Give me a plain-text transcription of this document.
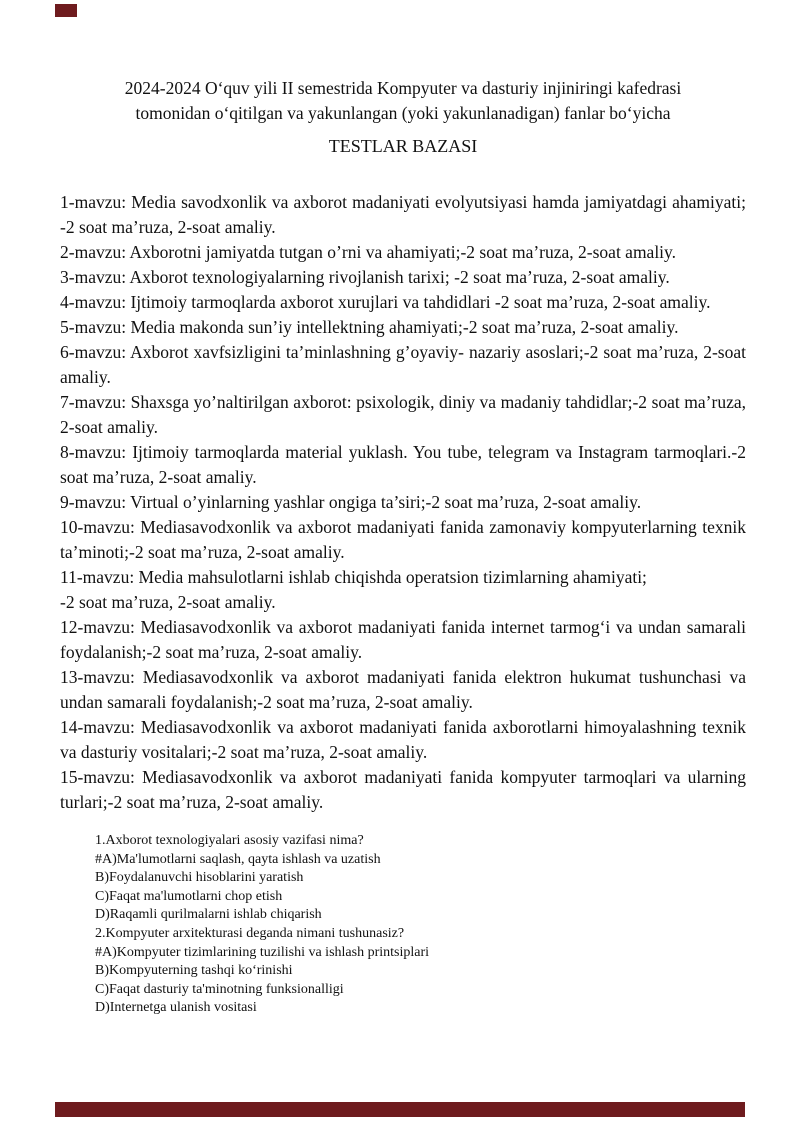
2024-2024 O‘quv yili II semestrida Kompyuter va dasturiy injiniringi kafedrasi
tomonidan o‘qitilgan va yakunlangan (yoki yakunlanadigan) fanlar bo‘yicha
TESTLAR BAZASI

1-mavzu: Media savodxonlik va axborot madaniyati evolyutsiyasi hamda jamiyatdagi ahamiyati; -2 soat ma’ruza, 2-soat amaliy.

2-mavzu: Axborotni jamiyatda tutgan o’rni va ahamiyati;-2 soat ma’ruza, 2-soat amaliy.

3-mavzu: Axborot texnologiyalarning rivojlanish tarixi; -2 soat ma’ruza, 2-soat amaliy.

4-mavzu: Ijtimoiy tarmoqlarda axborot xurujlari va tahdidlari -2 soat ma’ruza, 2-soat amaliy.

5-mavzu: Media makonda sun’iy intellektning ahamiyati;-2 soat ma’ruza, 2-soat amaliy.

6-mavzu: Axborot xavfsizligini ta’minlashning g’oyaviy- nazariy asoslari;-2 soat ma’ruza, 2-soat amaliy.

7-mavzu: Shaxsga yo’naltirilgan axborot: psixologik, diniy va madaniy tahdidlar;-2 soat ma’ruza, 2-soat amaliy.

8-mavzu: Ijtimoiy tarmoqlarda material yuklash. You tube, telegram va Instagram tarmoqlari.-2 soat ma’ruza, 2-soat amaliy.

9-mavzu: Virtual o’yinlarning yashlar ongiga ta’siri;-2 soat ma’ruza, 2-soat amaliy.

10-mavzu: Mediasavodxonlik va axborot madaniyati fanida zamonaviy kompyuterlarning texnik ta’minoti;-2 soat ma’ruza, 2-soat amaliy.

11-mavzu: Media mahsulotlarni ishlab chiqishda operatsion tizimlarning ahamiyati;

-2 soat ma’ruza, 2-soat amaliy.

12-mavzu: Mediasavodxonlik va axborot madaniyati fanida internet tarmog‘i va undan samarali foydalanish;-2 soat ma’ruza, 2-soat amaliy.

13-mavzu: Mediasavodxonlik va axborot madaniyati fanida elektron hukumat tushunchasi va undan samarali foydalanish;-2 soat ma’ruza, 2-soat amaliy.

14-mavzu: Mediasavodxonlik va axborot madaniyati fanida axborotlarni himoyalashning texnik va dasturiy vositalari;-2 soat ma’ruza, 2-soat amaliy.

15-mavzu: Mediasavodxonlik va axborot madaniyati fanida kompyuter tarmoqlari va ularning turlari;-2 soat ma’ruza, 2-soat amaliy.

1.Axborot texnologiyalari asosiy vazifasi nima?
#A)Ma'lumotlarni saqlash, qayta ishlash va uzatish
B)Foydalanuvchi hisoblarini yaratish
C)Faqat ma'lumotlarni chop etish
D)Raqamli qurilmalarni ishlab chiqarish
2.Kompyuter arxitekturasi deganda nimani tushunasiz?
#A)Kompyuter tizimlarining tuzilishi va ishlash printsiplari
B)Kompyuterning tashqi ko‘rinishi
C)Faqat dasturiy ta'minotning funksionalligi
D)Internetga ulanish vositasi
